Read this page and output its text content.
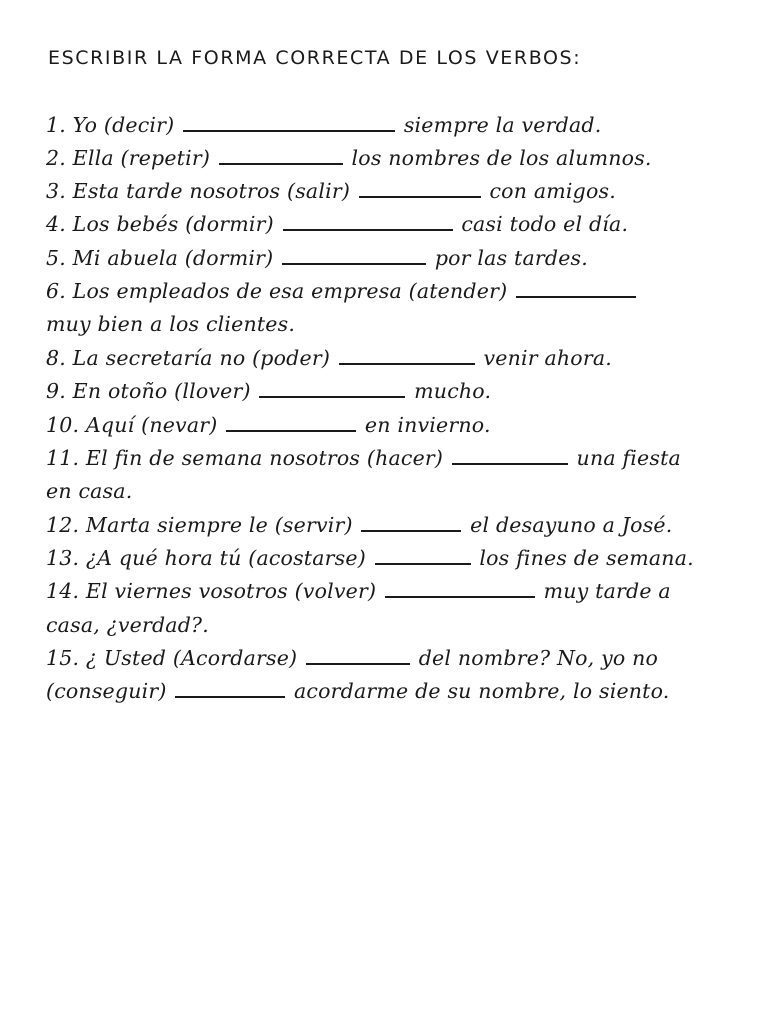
ESCRIBIR LA FORMA CORRECTA DE LOS VERBOS:
1. Yo (decir)	siempre la verdad.
2. Ella (repetir)	los nombres de los alumnos.
3. Esta tarde nosotros (salir)	con amigos.
4. Los bebés (dormir)	casi todo el día.
5. Mi abuela (dormir)	por las tardes.
6. Los empleados de esa empresa (atender)
muy bien a los clientes.
8. La secretaría no (poder)	venir ahora.
9. En otoño (llover)	mucho.
10. Aquí (nevar)	en invierno.
11. El fin de semana nosotros (hacer)	una fiesta
en casa.
12. Marta siempre le (servir)	el desayuno a José.
13. ¿A qué hora tú (acostarse)	los fines de semana.
14. El viernes vosotros (volver)	muy tarde a
casa, ¿verdad?.
15. ¿ Usted (Acordarse)	del nombre? No, yo no
(conseguir)	acordarme de su nombre, lo siento.
